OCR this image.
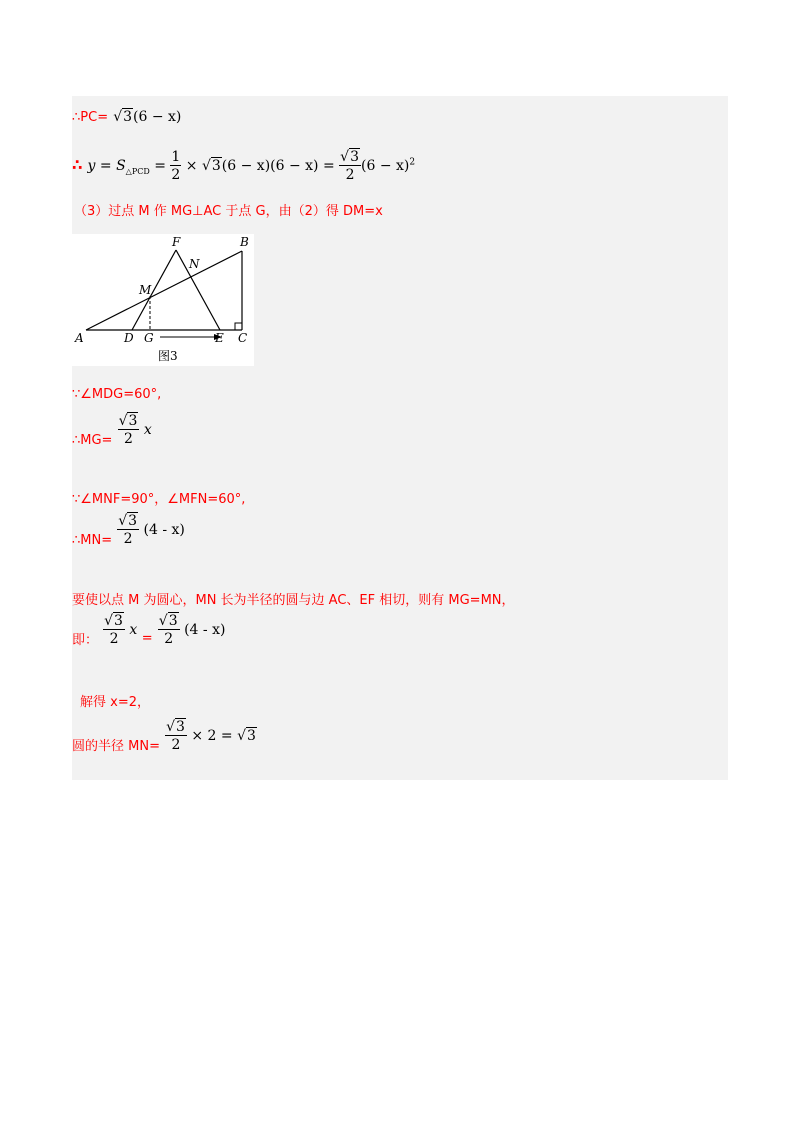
∴PC= √3(6 − x)
∴ $y = S_{\triangle PCD} = \frac{1}{2} \times √3(6 - x)(6 - x) = \frac{√3}{2} (6 - x)^2$
（3）过点 M 作 MG⊥AC 于点 G，由（2）得 DM=x
F	B
N
M
A	D G	E C
图3
∵∠MDG=60°,
$_{\therefore MG=} \frac{√3}{2}$ x
∵∠MNF=90°，∠MFN=60°,
$_{\therefore MN=} \frac{√3}{2} (4 - x)$
要使以点 M 为圆心，MN 长为半径的圆与边 AC、EF 相切，则有 MG=MN，
$_{即:} \frac{√3}{2}$ x $_= \frac{√3}{2} (4 - x)$
解得 x=2，
$_{圆的半径 MN=} \frac{√3}{2} \times 2 = √3$
